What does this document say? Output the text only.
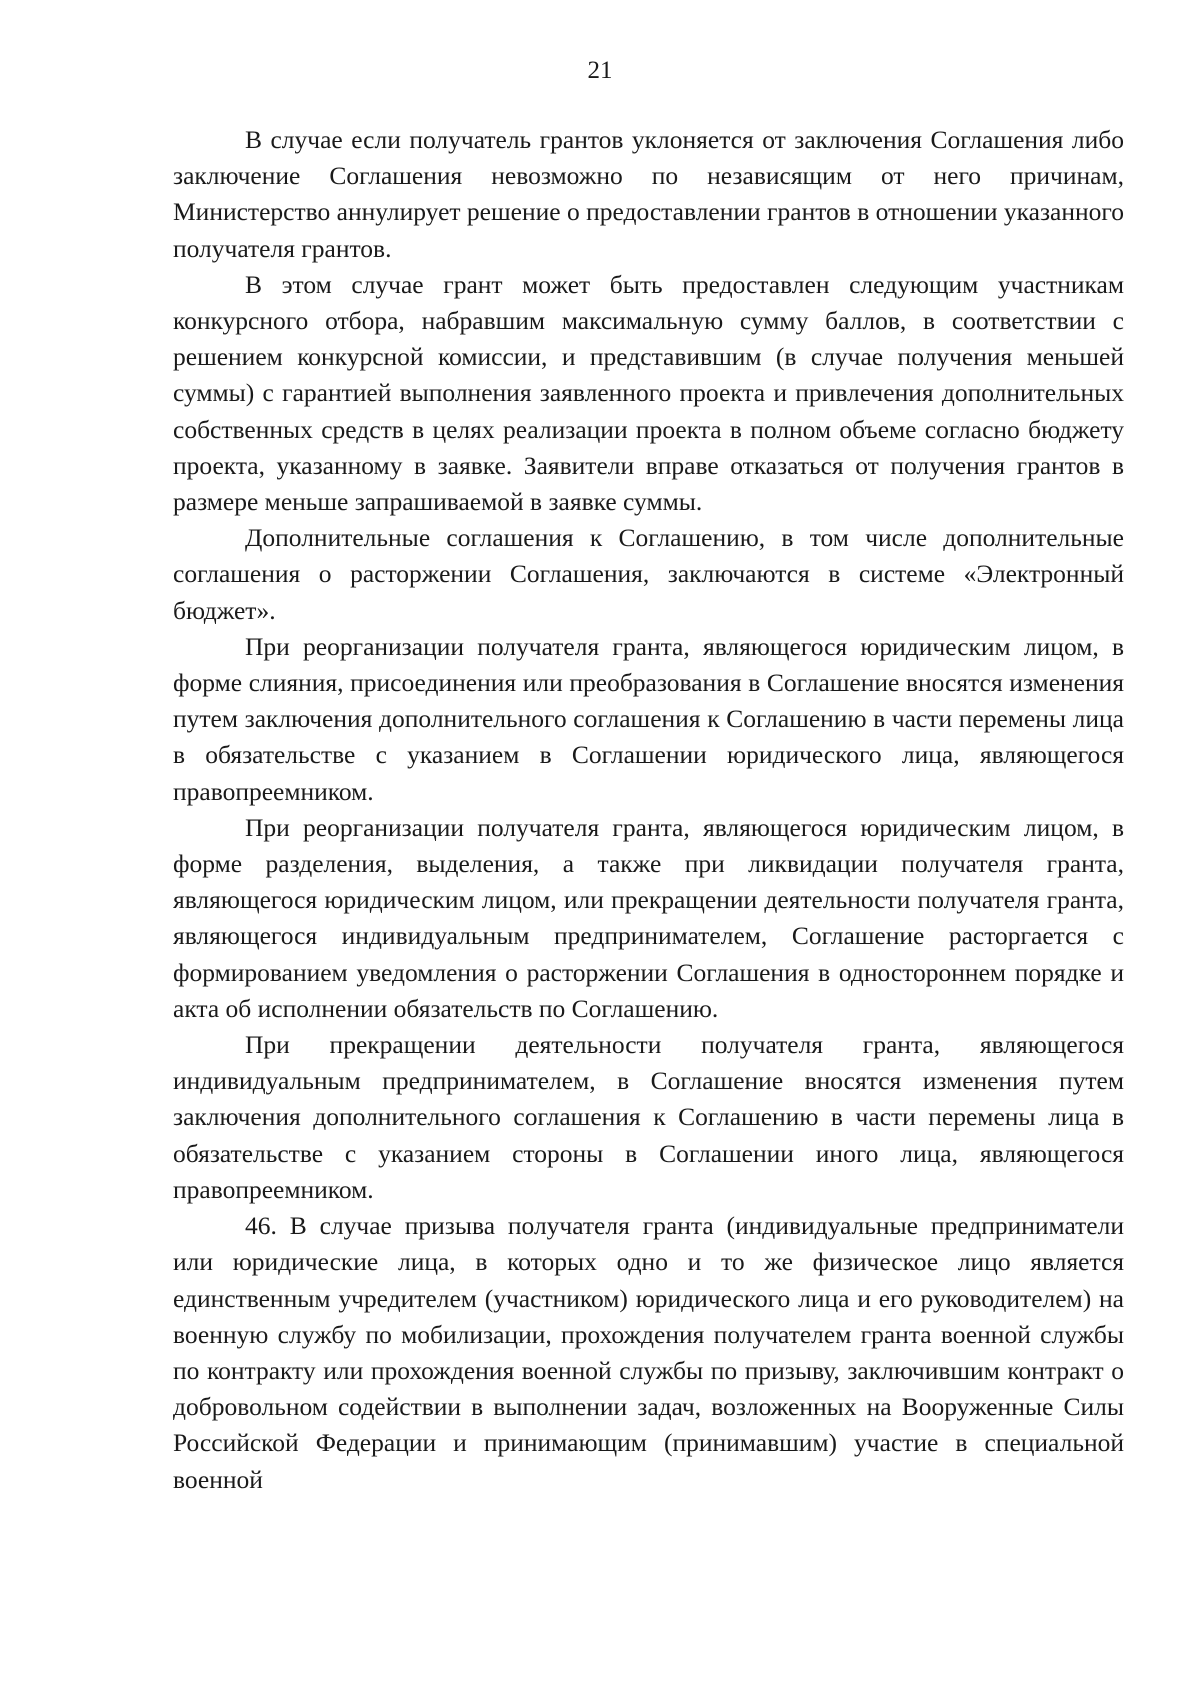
21

В случае если получатель грантов уклоняется от заключения Соглашения либо заключение Соглашения невозможно по независящим от него причинам, Министерство аннулирует решение о предоставлении грантов в отношении указанного получателя грантов.

В этом случае грант может быть предоставлен следующим участникам конкурсного отбора, набравшим максимальную сумму баллов, в соответствии с решением конкурсной комиссии, и представившим (в случае получения меньшей суммы) с гарантией выполнения заявленного проекта и привлечения дополнительных собственных средств в целях реализации проекта в полном объеме согласно бюджету проекта, указанному в заявке. Заявители вправе отказаться от получения грантов в размере меньше запрашиваемой в заявке суммы.

Дополнительные соглашения к Соглашению, в том числе дополнительные соглашения о расторжении Соглашения, заключаются в системе «Электронный бюджет».

При реорганизации получателя гранта, являющегося юридическим лицом, в форме слияния, присоединения или преобразования в Соглашение вносятся изменения путем заключения дополнительного соглашения к Соглашению в части перемены лица в обязательстве с указанием в Соглашении юридического лица, являющегося правопреемником.

При реорганизации получателя гранта, являющегося юридическим лицом, в форме разделения, выделения, а также при ликвидации получателя гранта, являющегося юридическим лицом, или прекращении деятельности получателя гранта, являющегося индивидуальным предпринимателем, Соглашение расторгается с формированием уведомления о расторжении Соглашения в одностороннем порядке и акта об исполнении обязательств по Соглашению.

При прекращении деятельности получателя гранта, являющегося индивидуальным предпринимателем, в Соглашение вносятся изменения путем заключения дополнительного соглашения к Соглашению в части перемены лица в обязательстве с указанием стороны в Соглашении иного лица, являющегося правопреемником.

46. В случае призыва получателя гранта (индивидуальные предприниматели или юридические лица, в которых одно и то же физическое лицо является единственным учредителем (участником) юридического лица и его руководителем) на военную службу по мобилизации, прохождения получателем гранта военной службы по контракту или прохождения военной службы по призыву, заключившим контракт о добровольном содействии в выполнении задач, возложенных на Вооруженные Силы Российской Федерации и принимающим (принимавшим) участие в специальной военной
